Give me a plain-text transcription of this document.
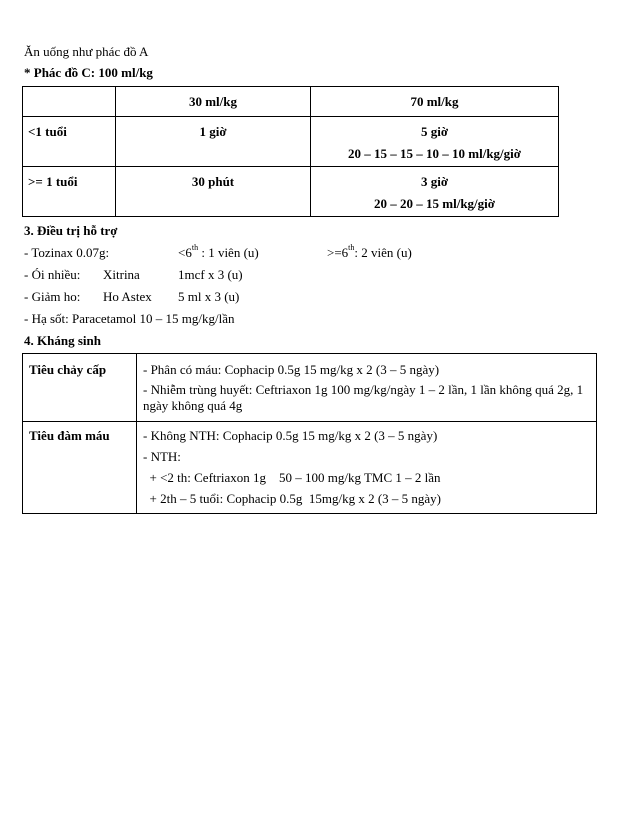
Ăn uống như phác đồ A
* Phác đồ C: 100 ml/kg

	30 ml/kg	70 ml/kg

<1 tuổi	1 giờ	5 giờ
20 – 15 – 15 – 10 – 10 ml/kg/giờ

>= 1 tuổi	30 phút	3 giờ
20 – 20 – 15 ml/kg/giờ
3. Điều trị hỗ trợ
- Tozinax 0.07g:	<6th : 1 viên (u)	>=6th: 2 viên (u)
- Ói nhiều: Xitrina	1mcf x 3 (u)
- Giảm ho: Ho Astex 5 ml x 3 (u)
- Hạ sốt: Paracetamol 10 – 15 mg/kg/lần
4. Kháng sinh
Tiêu chảy cấp	- Phân có máu: Cophacip 0.5g 15 mg/kg x 2 (3 – 5 ngày)
- Nhiễm trùng huyết: Ceftriaxon 1g 100 mg/kg/ngày 1 – 2 lần, 1 lần không quá 2g, 1 ngày không quá 4g

Tiêu đàm máu	- Không NTH: Cophacip 0.5g 15 mg/kg x 2 (3 – 5 ngày)
- NTH:
+ <2 th: Ceftriaxon 1g    50 – 100 mg/kg TMC 1 – 2 lần
+ 2th – 5 tuổi: Cophacip 0.5g  15mg/kg x 2 (3 – 5 ngày)
